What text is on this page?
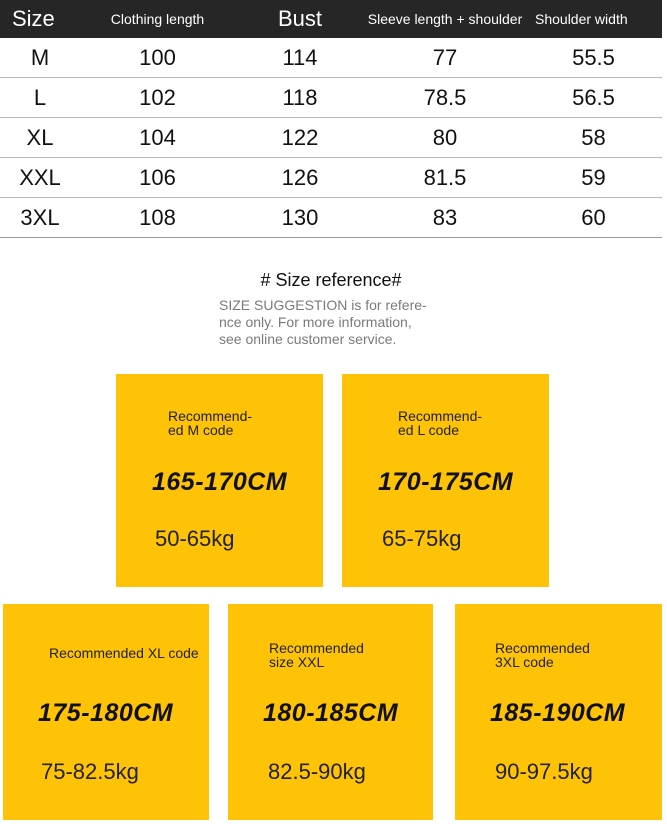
Size	Clothing length	Bust	Sleeve length + shoulder	Shoulder width
M	100	114	77	55.5
L	102	118	78.5	56.5
XL	104	122	80	58
XXL	106	126	81.5	59
3XL	108	130	83	60
# Size reference#
SIZE SUGGESTION is for refere-
nce only. For more information,
see online customer service.
Recommend-
ed M code
165-170CM
50-65kg
Recommend-
ed L code
170-175CM
65-75kg
Recommended XL code
175-180CM
75-82.5kg
Recommended
size XXL
180-185CM
82.5-90kg
Recommended
3XL code
185-190CM
90-97.5kg
